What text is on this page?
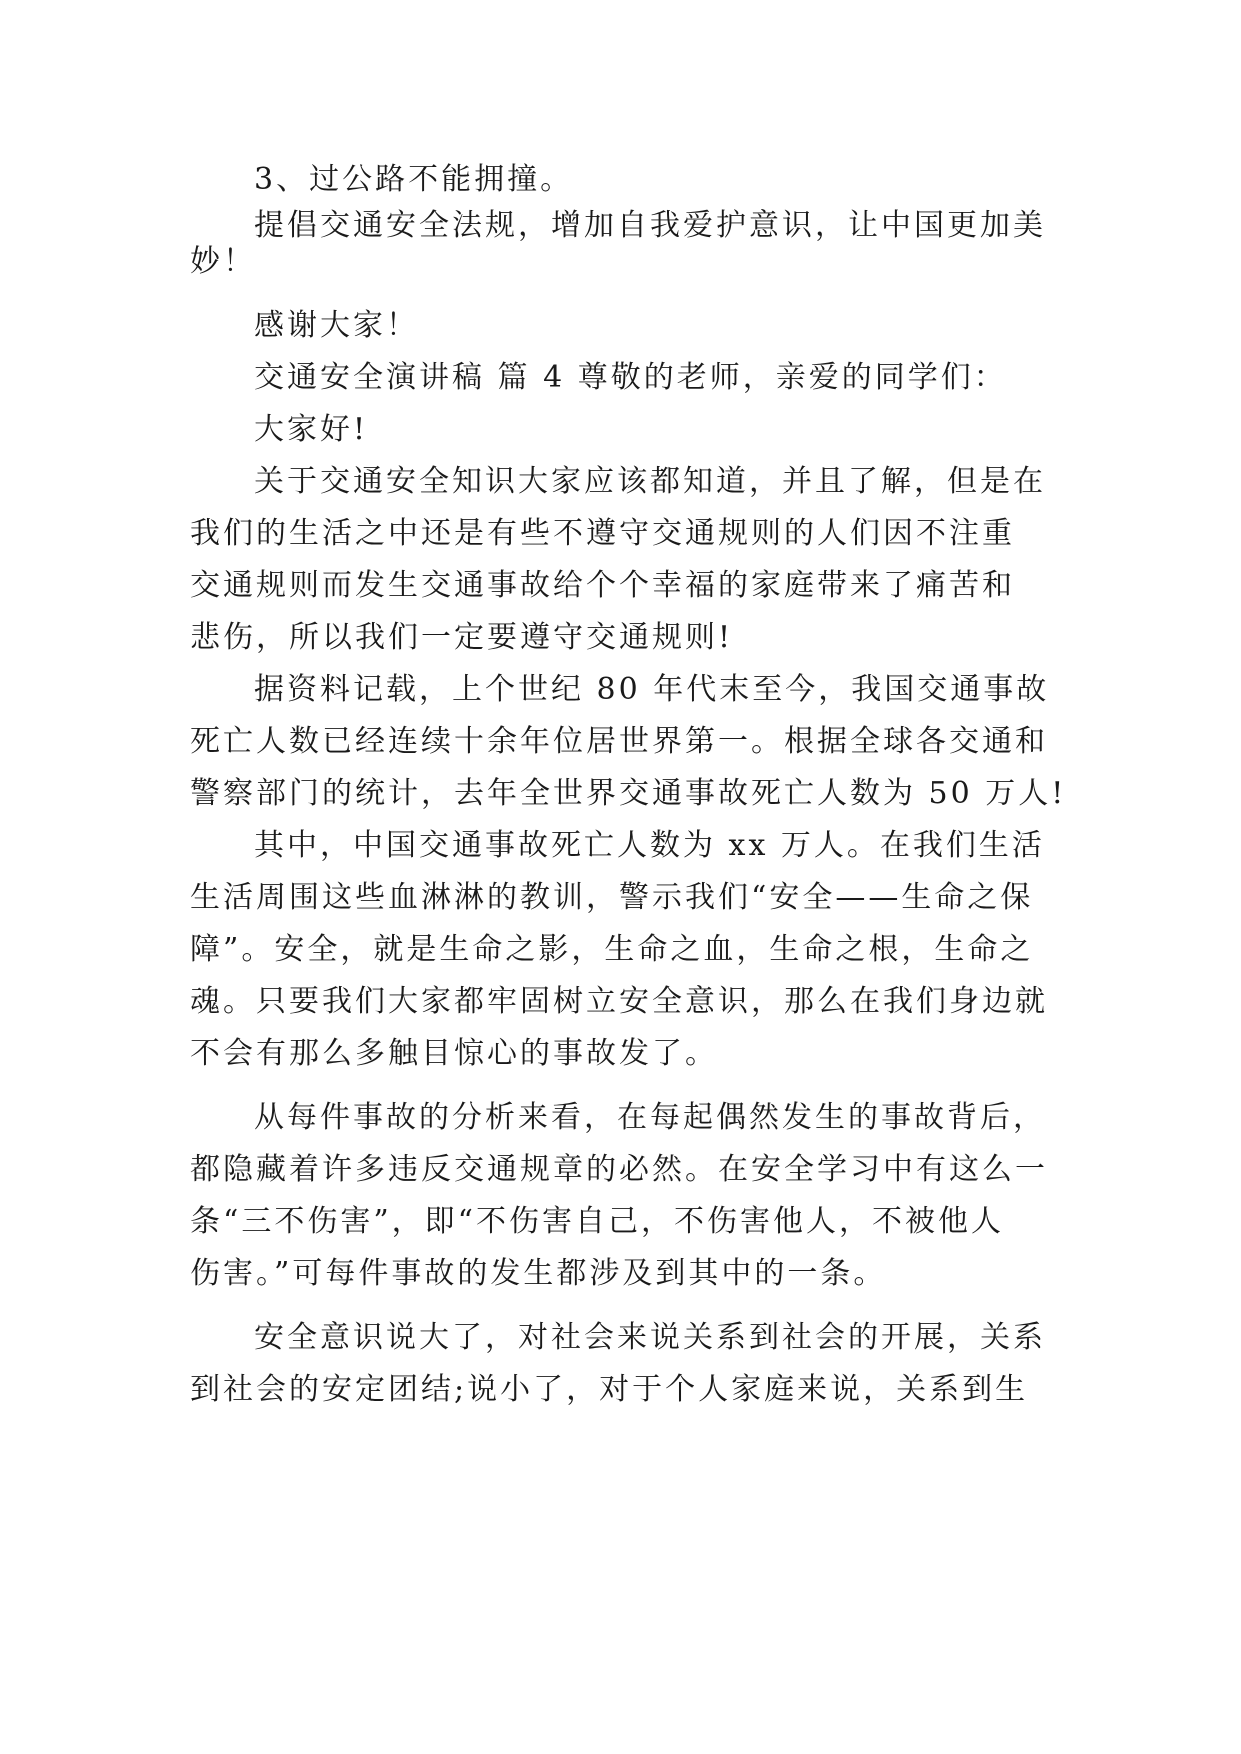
3、过公路不能拥撞。
提倡交通安全法规，增加自我爱护意识，让中国更加美
妙！
感谢大家！
交通安全演讲稿 篇 4 尊敬的老师，亲爱的同学们：
大家好!
关于交通安全知识大家应该都知道，并且了解，但是在
我们的生活之中还是有些不遵守交通规则的人们因不注重
交通规则而发生交通事故给个个幸福的家庭带来了痛苦和
悲伤，所以我们一定要遵守交通规则!
据资料记载，上个世纪 80 年代末至今，我国交通事故
死亡人数已经连续十余年位居世界第一。根据全球各交通和
警察部门的统计，去年全世界交通事故死亡人数为 50 万人!
其中，中国交通事故死亡人数为 xx 万人。在我们生活
生活周围这些血淋淋的教训，警示我们“安全——生命之保
障”。安全，就是生命之影，生命之血，生命之根，生命之
魂。只要我们大家都牢固树立安全意识，那么在我们身边就
不会有那么多触目惊心的事故发了。
从每件事故的分析来看，在每起偶然发生的事故背后，
都隐藏着许多违反交通规章的必然。在安全学习中有这么一
条“三不伤害”，即“不伤害自己，不伤害他人，不被他人
伤害。”可每件事故的发生都涉及到其中的一条。
安全意识说大了，对社会来说关系到社会的开展，关系
到社会的安定团结;说小了，对于个人家庭来说，关系到生
